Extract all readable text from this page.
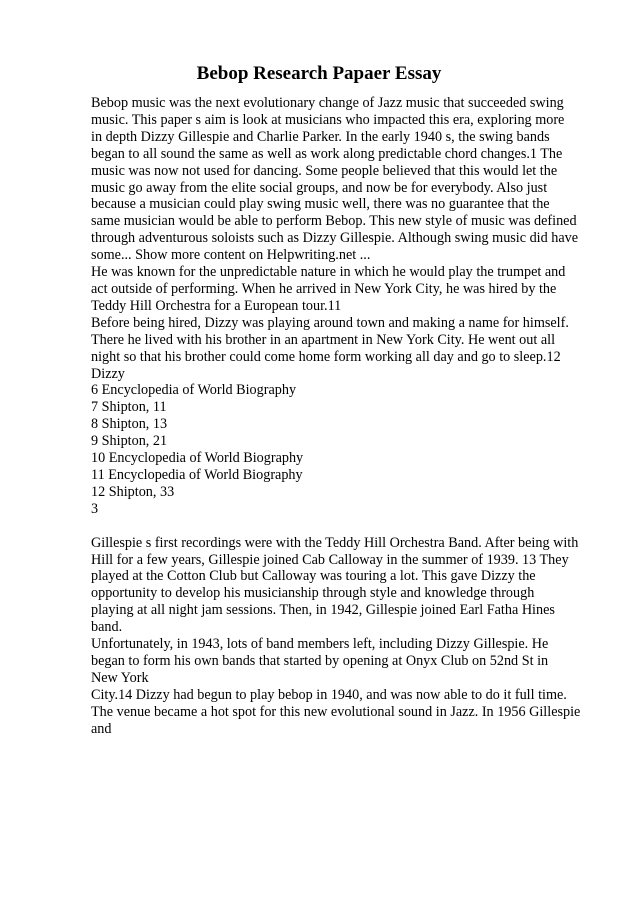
Bebop Research Papaer Essay
Bebop music was the next evolutionary change of Jazz music that succeeded swing
music. This paper s aim is look at musicians who impacted this era, exploring more
in depth Dizzy Gillespie and Charlie Parker. In the early 1940 s, the swing bands
began to all sound the same as well as work along predictable chord changes.1 The
music was now not used for dancing. Some people believed that this would let the
music go away from the elite social groups, and now be for everybody. Also just
because a musician could play swing music well, there was no guarantee that the
same musician would be able to perform Bebop. This new style of music was defined
through adventurous soloists such as Dizzy Gillespie. Although swing music did have
some... Show more content on Helpwriting.net ...
He was known for the unpredictable nature in which he would play the trumpet and
act outside of performing. When he arrived in New York City, he was hired by the
Teddy Hill Orchestra for a European tour.11
Before being hired, Dizzy was playing around town and making a name for himself.
There he lived with his brother in an apartment in New York City. He went out all
night so that his brother could come home form working all day and go to sleep.12
Dizzy
6 Encyclopedia of World Biography
7 Shipton, 11
8 Shipton, 13
9 Shipton, 21
10 Encyclopedia of World Biography
11 Encyclopedia of World Biography
12 Shipton, 33
3
Gillespie s first recordings were with the Teddy Hill Orchestra Band. After being with
Hill for a few years, Gillespie joined Cab Calloway in the summer of 1939. 13 They
played at the Cotton Club but Calloway was touring a lot. This gave Dizzy the
opportunity to develop his musicianship through style and knowledge through
playing at all night jam sessions. Then, in 1942, Gillespie joined Earl Fatha Hines
band.
Unfortunately, in 1943, lots of band members left, including Dizzy Gillespie. He
began to form his own bands that started by opening at Onyx Club on 52nd St in
New York
City.14 Dizzy had begun to play bebop in 1940, and was now able to do it full time.
The venue became a hot spot for this new evolutional sound in Jazz. In 1956 Gillespie
and
